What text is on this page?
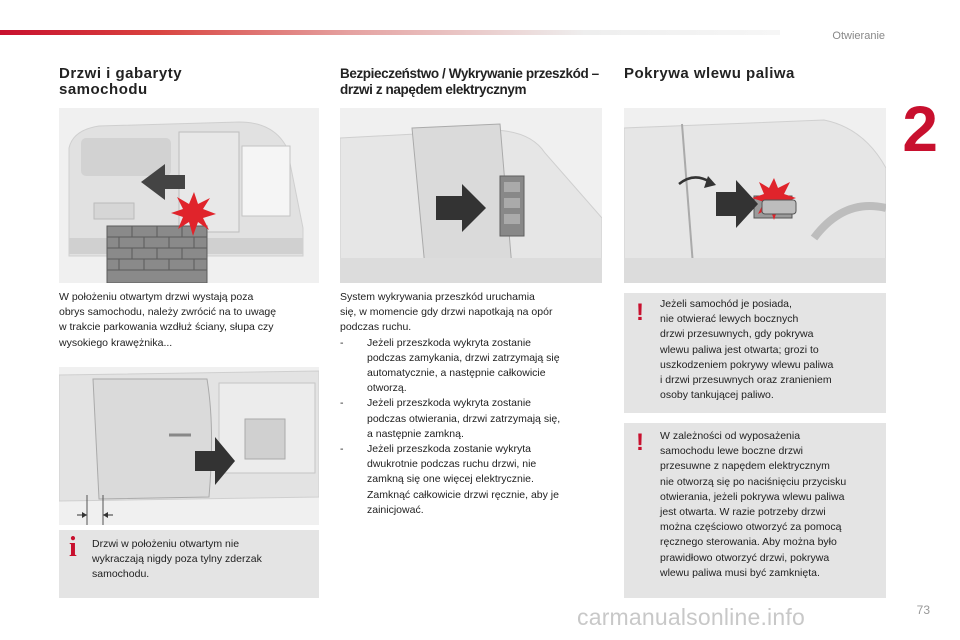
Otwieranie
2
Drzwi i gabaryty
samochodu
Bezpieczeństwo / Wykrywanie przeszkód –
drzwi z napędem elektrycznym
Pokrywa wlewu paliwa
W położeniu otwartym drzwi wystają poza
obrys samochodu, należy zwrócić na to uwagę
w trakcie parkowania wzdłuż ściany, słupa czy
wysokiego krawężnika...
i Drzwi w położeniu otwartym nie
wykraczają nigdy poza tylny zderzak
samochodu.
System wykrywania przeszkód uruchamia
się, w momencie gdy drzwi napotkają na opór
podczas ruchu.
- Jeżeli przeszkoda wykryta zostanie
podczas zamykania, drzwi zatrzymają się
automatycznie, a następnie całkowicie
otworzą.
- Jeżeli przeszkoda wykryta zostanie
podczas otwierania, drzwi zatrzymają się,
a następnie zamkną.
- Jeżeli przeszkoda zostanie wykryta
dwukrotnie podczas ruchu drzwi, nie
zamkną się one więcej elektrycznie.
Zamknąć całkowicie drzwi ręcznie, aby je
zainicjować.
! Jeżeli samochód je posiada,
nie otwierać lewych bocznych
drzwi przesuwnych, gdy pokrywa
wlewu paliwa jest otwarta; grozi to
uszkodzeniem pokrywy wlewu paliwa
i drzwi przesuwnych oraz zranieniem
osoby tankującej paliwo.
! W zależności od wyposażenia
samochodu lewe boczne drzwi
przesuwne z napędem elektrycznym
nie otworzą się po naciśnięciu przycisku
otwierania, jeżeli pokrywa wlewu paliwa
jest otwarta. W razie potrzeby drzwi
można częściowo otworzyć za pomocą
ręcznego sterowania. Aby można było
prawidłowo otworzyć drzwi, pokrywa
wlewu paliwa musi być zamknięta.
73
carmanualsonline.info
